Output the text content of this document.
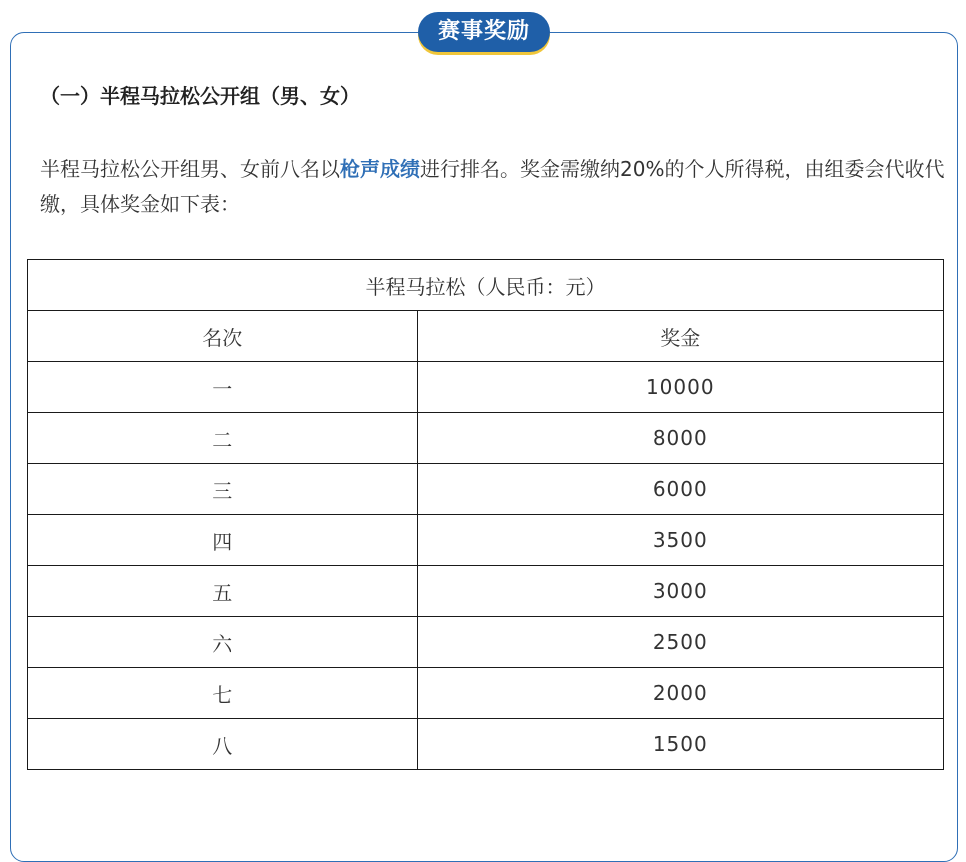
赛事奖励
（一）半程马拉松公开组（男、女）
半程马拉松公开组男、女前八名以枪声成绩进行排名。奖金需缴纳20%的个人所得税，由组委会代收代缴，具体奖金如下表：
半程马拉松（人民币：元）	
名次	奖金
一	10000
二	8000
三	6000
四	3500
五	3000
六	2500
七	2000
八	1500
